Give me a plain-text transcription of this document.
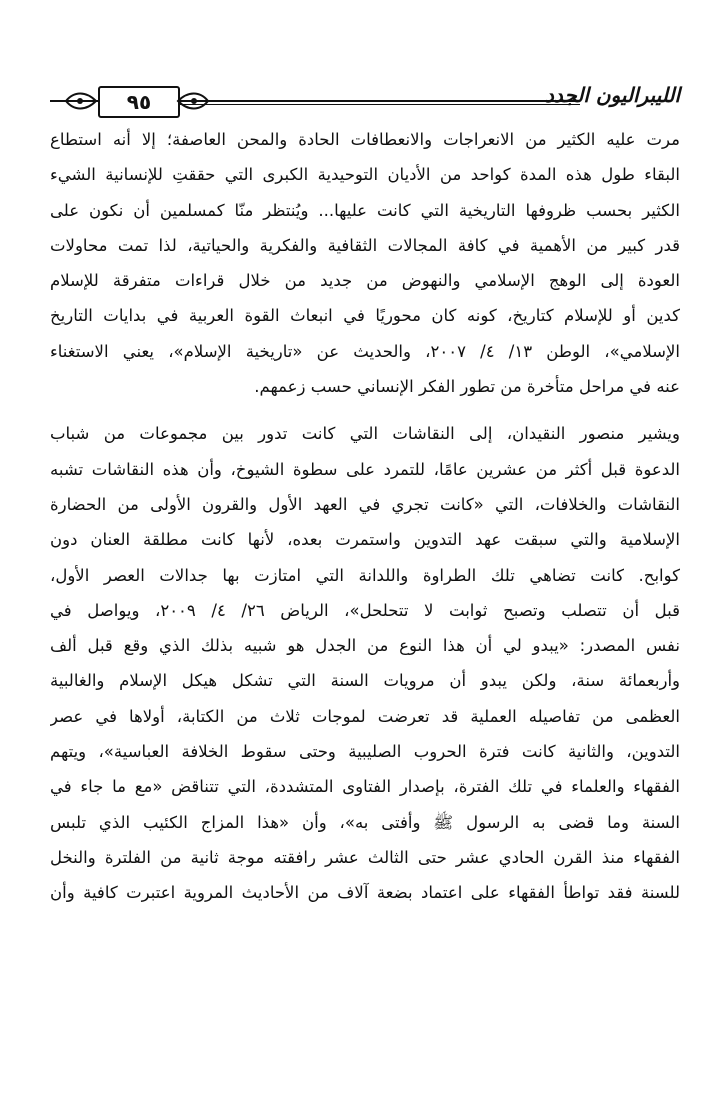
٩٥	الليبراليون الجدد
مرت عليه الكثير من الانعراجات والانعطافات الحادة والمحن العاصفة؛ إلا أنه استطاع
البقاء طول هذه المدة كواحد من الأديان التوحيدية الكبرى التي حققتِ للإنسانية الشيء
الكثير بحسب ظروفها التاريخية التي كانت عليها... ويُنتظر منّا كمسلمين أن نكون على
قدر كبير من الأهمية في كافة المجالات الثقافية والفكرية والحياتية، لذا تمت محاولات
العودة إلى الوهج الإسلامي والنهوض من جديد من خلال قراءات متفرقة للإسلام
كدين أو للإسلام كتاريخ، كونه كان محوريًا في انبعاث القوة العربية في بدايات التاريخ
الإسلامي»، الوطن ١٣/ ٤/ ٢٠٠٧، والحديث عن «تاريخية الإسلام»، يعني الاستغناء
عنه في مراحل متأخرة من تطور الفكر الإنساني حسب زعمهم.
ويشير منصور النقيدان، إلى النقاشات التي كانت تدور بين مجموعات من شباب
الدعوة قبل أكثر من عشرين عامًا، للتمرد على سطوة الشيوخ، وأن هذه النقاشات تشبه
النقاشات والخلافات، التي «كانت تجري في العهد الأول والقرون الأولى من الحضارة
الإسلامية والتي سبقت عهد التدوين واستمرت بعده، لأنها كانت مطلقة العنان دون
كوابح. كانت تضاهي تلك الطراوة واللدانة التي امتازت بها جدالات العصر الأول،
قبل أن تتصلب وتصبح ثوابت لا تتحلحل»، الرياض ٢٦/ ٤/ ٢٠٠٩، ويواصل في
نفس المصدر: «يبدو لي أن هذا النوع من الجدل هو شبيه بذلك الذي وقع قبل ألف
وأربعمائة سنة، ولكن يبدو أن مرويات السنة التي تشكل هيكل الإسلام والغالبية
العظمى من تفاصيله العملية قد تعرضت لموجات ثلاث من الكتابة، أولاها في عصر
التدوين، والثانية كانت فترة الحروب الصليبية وحتى سقوط الخلافة العباسية»، ويتهم
الفقهاء والعلماء في تلك الفترة، بإصدار الفتاوى المتشددة، التي تتناقض «مع ما جاء في
السنة وما قضى به الرسول ﷺ وأفتى به»، وأن «هذا المزاج الكئيب الذي تلبس
الفقهاء منذ القرن الحادي عشر حتى الثالث عشر رافقته موجة ثانية من الفلترة والنخل
للسنة فقد تواطأ الفقهاء على اعتماد بضعة آلاف من الأحاديث المروية اعتبرت كافية وأن
